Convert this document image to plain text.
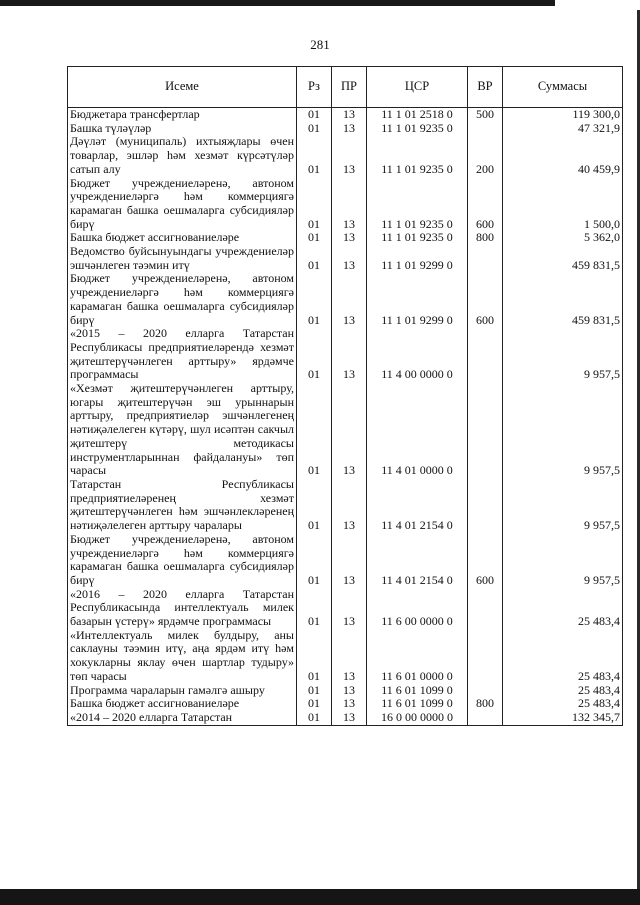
281
Исеме	Рз	ПР	ЦСР	ВР	Суммасы
Бюджетара трансфертлар	01	13	11 1 01 2518 0	500	119 300,0
Башка түләүләр	01	13	11 1 01 9235 0		47 321,9
Дәүләт (муниципаль) ихтыяҗлары өчен товарлар, эшләр һәм хезмәт күрсәтүләр сатып алу	01	13	11 1 01 9235 0	200	40 459,9
Бюджет учреждениеләренә, автоном учреждениеләргә һәм коммерциягә карамаган башка оешмаларга субсидияләр бирү	01	13	11 1 01 9235 0	600	1 500,0
Башка бюджет ассигнованиеләре	01	13	11 1 01 9235 0	800	5 362,0
Ведомство буйсынуындагы учреждениеләр эшчәнлеген тәэмин итү	01	13	11 1 01 9299 0		459 831,5
Бюджет учреждениеләренә, автоном учреждениеләргә һәм коммерциягә карамаган башка оешмаларга субсидияләр бирү	01	13	11 1 01 9299 0	600	459 831,5
«2015 – 2020 елларга Татарстан Республикасы предприятиеләрендә хезмәт җитештерүчәнлеген арттыру» ярдәмче программасы	01	13	11 4 00 0000 0		9 957,5
«Хезмәт җитештерүчәнлеген арттыру, югары җитештерүчән эш урыннарын арттыру, предприятиеләр эшчәнлегенең нәтиҗәлелеген күтәрү, шул исәптән сакчыл җитештерү методикасы инструментларыннан файдалануы» төп чарасы	01	13	11 4 01 0000 0		9 957,5
Татарстан Республикасы предприятиеләренең хезмәт җитештерүчәнлеген һәм эшчәнлекләренең нәтиҗәлелеген арттыру чаралары	01	13	11 4 01 2154 0		9 957,5
Бюджет учреждениеләренә, автоном учреждениеләргә һәм коммерциягә карамаган башка оешмаларга субсидияләр бирү	01	13	11 4 01 2154 0	600	9 957,5
«2016 – 2020 елларга Татарстан Республикасында интеллектуаль милек базарын үстерү» ярдәмче программасы	01	13	11 6 00 0000 0		25 483,4
«Интеллектуаль милек булдыру, аны саклауны тәэмин итү, аңа ярдәм итү һәм хокукларны яклау өчен шартлар тудыру» төп чарасы	01	13	11 6 01 0000 0		25 483,4
Программа чараларын гамәлгә ашыру	01	13	11 6 01 1099 0		25 483,4
Башка бюджет ассигнованиеләре	01	13	11 6 01 1099 0	800	25 483,4
«2014 – 2020 елларга Татарстан	01	13	16 0 00 0000 0		132 345,7
